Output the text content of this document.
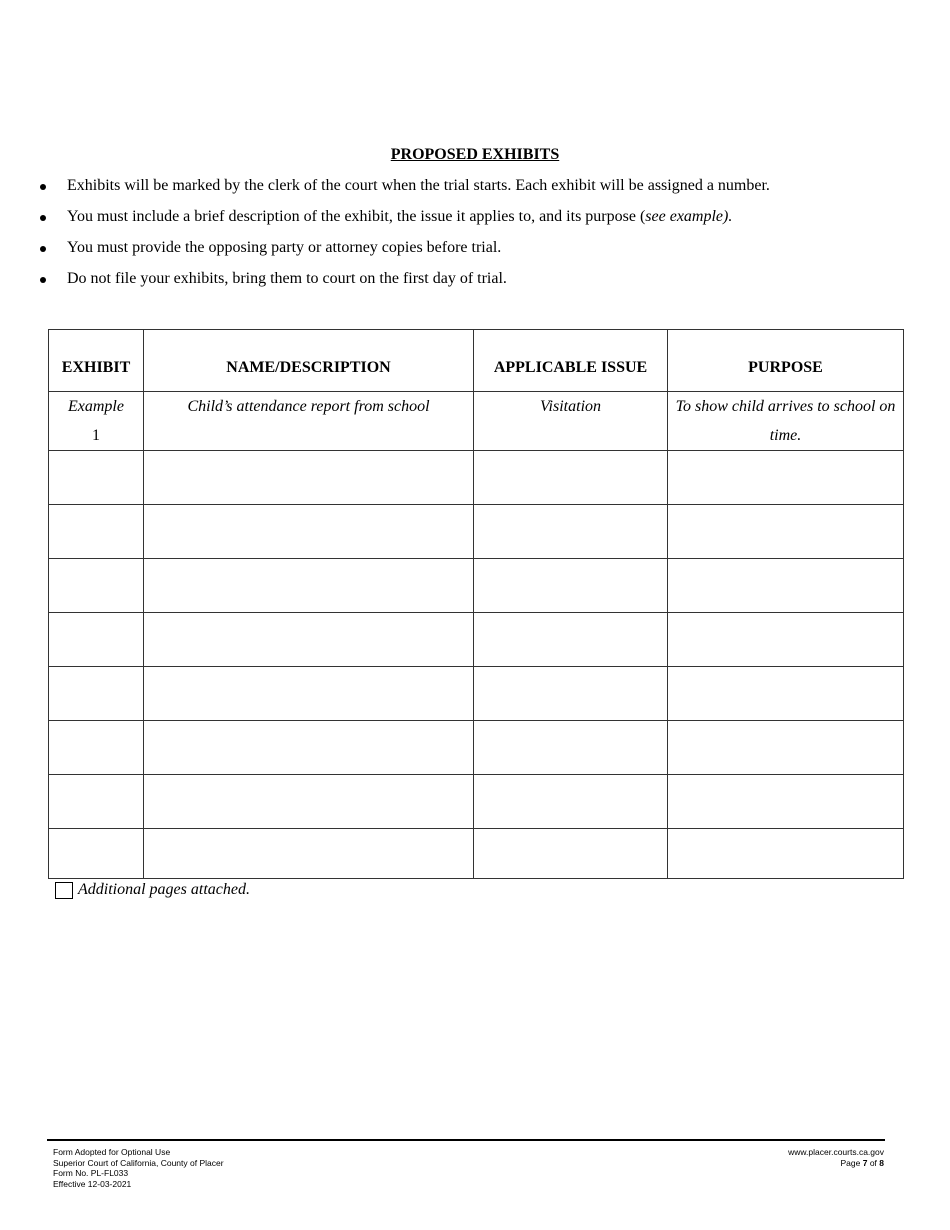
PROPOSED EXHIBITS
Exhibits will be marked by the clerk of the court when the trial starts. Each exhibit will be assigned a number.
You must include a brief description of the exhibit, the issue it applies to, and its purpose (see example).
You must provide the opposing party or attorney copies before trial.
Do not file your exhibits, bring them to court on the first day of trial.
EXHIBIT	NAME/DESCRIPTION	APPLICABLE ISSUE	PURPOSE
Example
1	Child’s attendance report from school	Visitation	To show child arrives to school on time.

Additional pages attached.
Form Adopted for Optional Use
Superior Court of California, County of Placer
Form No. PL-FL033
Effective 12-03-2021
www.placer.courts.ca.gov
Page 7 of 8
